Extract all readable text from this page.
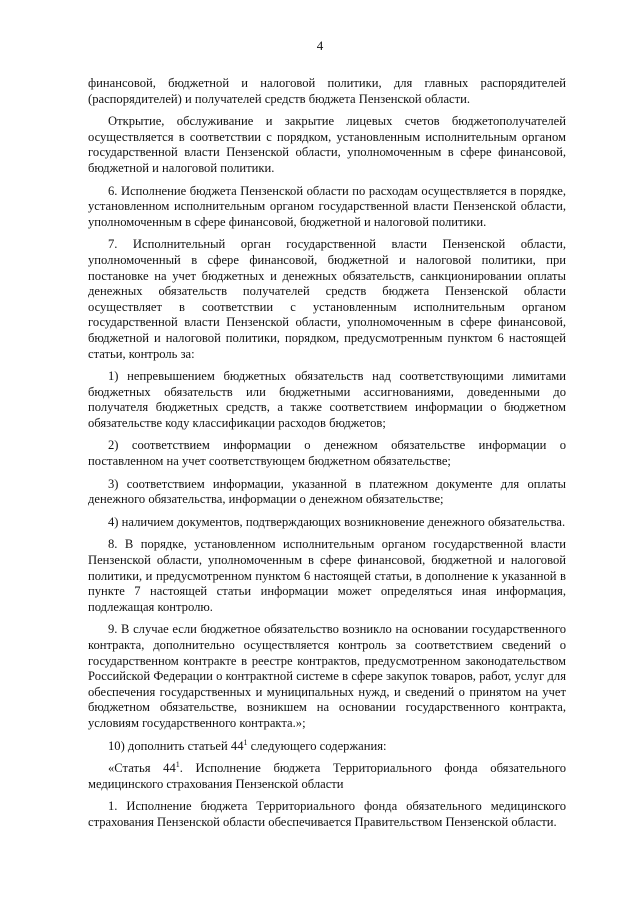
4

финансовой, бюджетной и налоговой политики, для главных распорядителей (распорядителей) и получателей средств бюджета Пензенской области.

Открытие, обслуживание и закрытие лицевых счетов бюджетополучателей осуществляется в соответствии с порядком, установленным исполнительным органом государственной власти Пензенской области, уполномоченным в сфере финансовой, бюджетной и налоговой политики.

6. Исполнение бюджета Пензенской области по расходам осуществляется в порядке, установленном исполнительным органом государственной власти Пензенской области, уполномоченным в сфере финансовой, бюджетной и налоговой политики.

7. Исполнительный орган государственной власти Пензенской области, уполномоченный в сфере финансовой, бюджетной и налоговой политики, при постановке на учет бюджетных и денежных обязательств, санкционировании оплаты денежных обязательств получателей средств бюджета Пензенской области осуществляет в соответствии с установленным исполнительным органом государственной власти Пензенской области, уполномоченным в сфере финансовой, бюджетной и налоговой политики, порядком, предусмотренным пунктом 6 настоящей статьи, контроль за:

1) непревышением бюджетных обязательств над соответствующими лимитами бюджетных обязательств или бюджетными ассигнованиями, доведенными до получателя бюджетных средств, а также соответствием информации о бюджетном обязательстве коду классификации расходов бюджетов;

2) соответствием информации о денежном обязательстве информации о поставленном на учет соответствующем бюджетном обязательстве;

3) соответствием информации, указанной в платежном документе для оплаты денежного обязательства, информации о денежном обязательстве;

4) наличием документов, подтверждающих возникновение денежного обязательства.

8. В порядке, установленном исполнительным органом государственной власти Пензенской области, уполномоченным в сфере финансовой, бюджетной и налоговой политики, и предусмотренном пунктом 6 настоящей статьи, в дополнение к указанной в пункте 7 настоящей статьи информации может определяться иная информация, подлежащая контролю.

9. В случае если бюджетное обязательство возникло на основании государственного контракта, дополнительно осуществляется контроль за соответствием сведений о государственном контракте в реестре контрактов, предусмотренном законодательством Российской Федерации о контрактной системе в сфере закупок товаров, работ, услуг для обеспечения государственных и муниципальных нужд, и сведений о принятом на учет бюджетном обязательстве, возникшем на основании государственного контракта, условиям государственного контракта.»;

10) дополнить статьей $44^1$ следующего содержания:

«Статья $44^1$. Исполнение бюджета Территориального фонда обязательного медицинского страхования Пензенской области

1. Исполнение бюджета Территориального фонда обязательного медицинского страхования Пензенской области обеспечивается Правительством Пензенской области.
